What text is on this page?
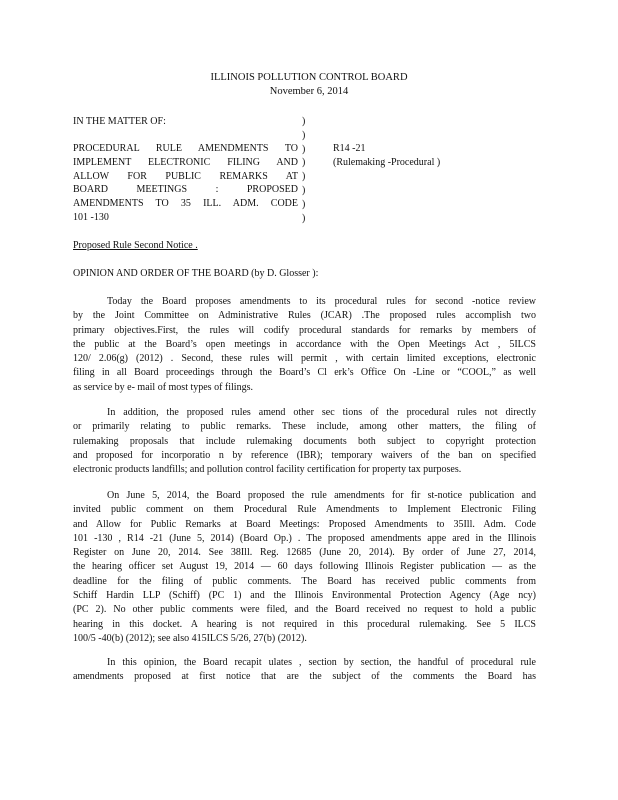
ILLINOIS POLLUTION CONTROL BOARD
November 6, 2014
IN THE MATTER OF:
PROCEDURAL RULE AMENDMENTS TO
IMPLEMENT ELECTRONIC FILING AND
ALLOW FOR PUBLIC REMARKS AT
BOARD MEETINGS : PROPOSED
AMENDMENTS TO 35 ILL. ADM. CODE
101 -130
)
)
)
)
)
)
)
)
R14 -21
(Rulemaking -Procedural )
Proposed Rule Second Notice .
OPINION AND ORDER OF THE BOARD (by D. Glosser ):
Today the Board proposes amendments to its procedural rules for second -notice review
by the Joint Committee on Administrative Rules (JCAR) .The proposed rules accomplish two
primary objectives.First, the rules will codify procedural standards for remarks by members of
the public at the Board’s open meetings in accordance with the Open Meetings Act , 5ILCS
120/ 2.06(g) (2012) . Second, these rules will permit , with certain limited exceptions, electronic
filing in all Board proceedings through the Board’s Cl erk’s Office On -Line or “COOL,” as well
as service by e- mail of most types of filings.
In addition, the proposed rules amend other sec tions of the procedural rules not directly
or primarily relating to public remarks. These include, among other matters, the filing of
rulemaking proposals that include rulemaking documents both subject to copyright protection
and proposed for incorporatio n by reference (IBR); temporary waivers of the ban on specified
electronic products landfills; and pollution control facility certification for property tax purposes.
On June 5, 2014, the Board proposed the rule amendments for fir st-notice publication and
invited public comment on them Procedural Rule Amendments to Implement Electronic Filing
and Allow for Public Remarks at Board Meetings: Proposed Amendments to 35Ill. Adm. Code
101 -130 , R14 -21 (June 5, 2014) (Board Op.) . The proposed amendments appe ared in the Illinois
Register on June 20, 2014. See 38Ill. Reg. 12685 (June 20, 2014). By order of June 27, 2014,
the hearing officer set August 19, 2014 — 60 days following Illinois Register publication — as the
deadline for the filing of public comments. The Board has received public comments from
Schiff Hardin LLP (Schiff) (PC 1) and the Illinois Environmental Protection Agency (Age ncy)
(PC 2). No other public comments were filed, and the Board received no request to hold a public
hearing in this docket. A hearing is not required in this procedural rulemaking. See 5 ILCS
100/5 -40(b) (2012); see also 415ILCS 5/26, 27(b) (2012).
In this opinion, the Board recapit ulates , section by section, the handful of procedural rule
amendments proposed at first notice that are the subject of the comments the Board has
